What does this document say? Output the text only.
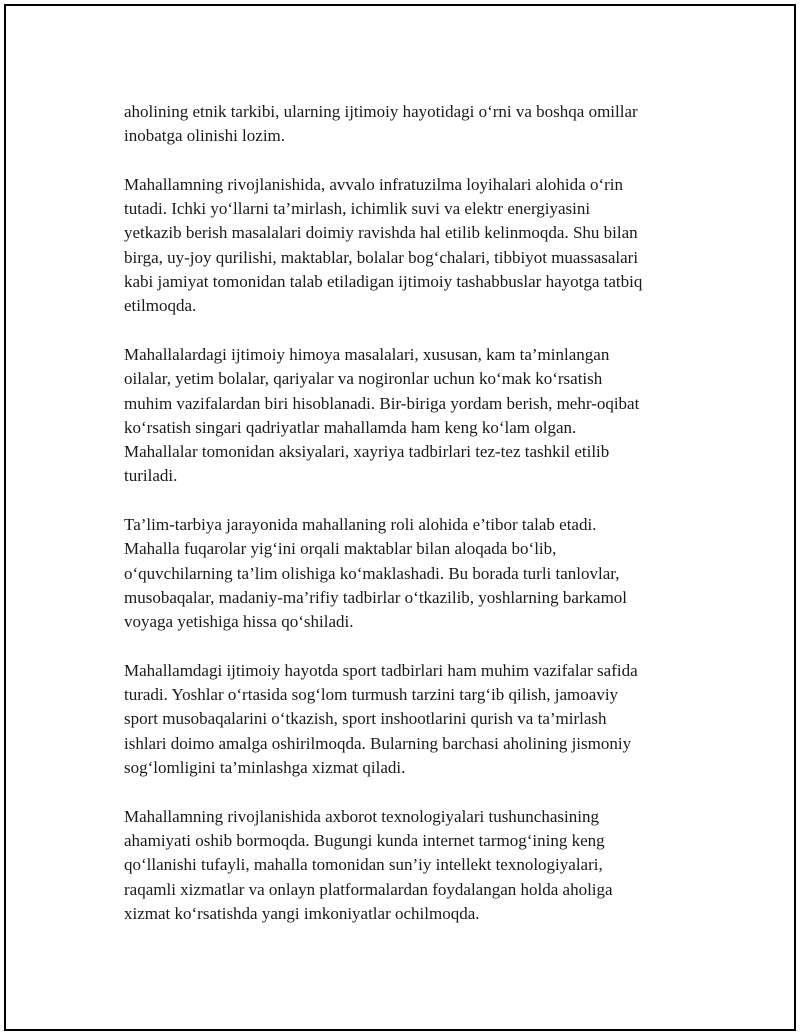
aholining etnik tarkibi, ularning ijtimoiy hayotidagi o‘rni va boshqa omillar
inobatga olinishi lozim.

Mahallamning rivojlanishida, avvalo infratuzilma loyihalari alohida o‘rin
tutadi. Ichki yo‘llarni ta’mirlash, ichimlik suvi va elektr energiyasini
yetkazib berish masalalari doimiy ravishda hal etilib kelinmoqda. Shu bilan
birga, uy-joy qurilishi, maktablar, bolalar bog‘chalari, tibbiyot muassasalari
kabi jamiyat tomonidan talab etiladigan ijtimoiy tashabbuslar hayotga tatbiq
etilmoqda.

Mahallalardagi ijtimoiy himoya masalalari, xususan, kam ta’minlangan
oilalar, yetim bolalar, qariyalar va nogironlar uchun ko‘mak ko‘rsatish
muhim vazifalardan biri hisoblanadi. Bir-biriga yordam berish, mehr-oqibat
ko‘rsatish singari qadriyatlar mahallamda ham keng ko‘lam olgan.
Mahallalar tomonidan aksiyalari, xayriya tadbirlari tez-tez tashkil etilib
turiladi.

Ta’lim-tarbiya jarayonida mahallaning roli alohida e’tibor talab etadi.
Mahalla fuqarolar yig‘ini orqali maktablar bilan aloqada bo‘lib,
o‘quvchilarning ta’lim olishiga ko‘maklashadi. Bu borada turli tanlovlar,
musobaqalar, madaniy-ma’rifiy tadbirlar o‘tkazilib, yoshlarning barkamol
voyaga yetishiga hissa qo‘shiladi.

Mahallamdagi ijtimoiy hayotda sport tadbirlari ham muhim vazifalar safida
turadi. Yoshlar o‘rtasida sog‘lom turmush tarzini targ‘ib qilish, jamoaviy
sport musobaqalarini o‘tkazish, sport inshootlarini qurish va ta’mirlash
ishlari doimo amalga oshirilmoqda. Bularning barchasi aholining jismoniy
sog‘lomligini ta’minlashga xizmat qiladi.

Mahallamning rivojlanishida axborot texnologiyalari tushunchasining
ahamiyati oshib bormoqda. Bugungi kunda internet tarmog‘ining keng
qo‘llanishi tufayli, mahalla tomonidan sun’iy intellekt texnologiyalari,
raqamli xizmatlar va onlayn platformalardan foydalangan holda aholiga
xizmat ko‘rsatishda yangi imkoniyatlar ochilmoqda.
